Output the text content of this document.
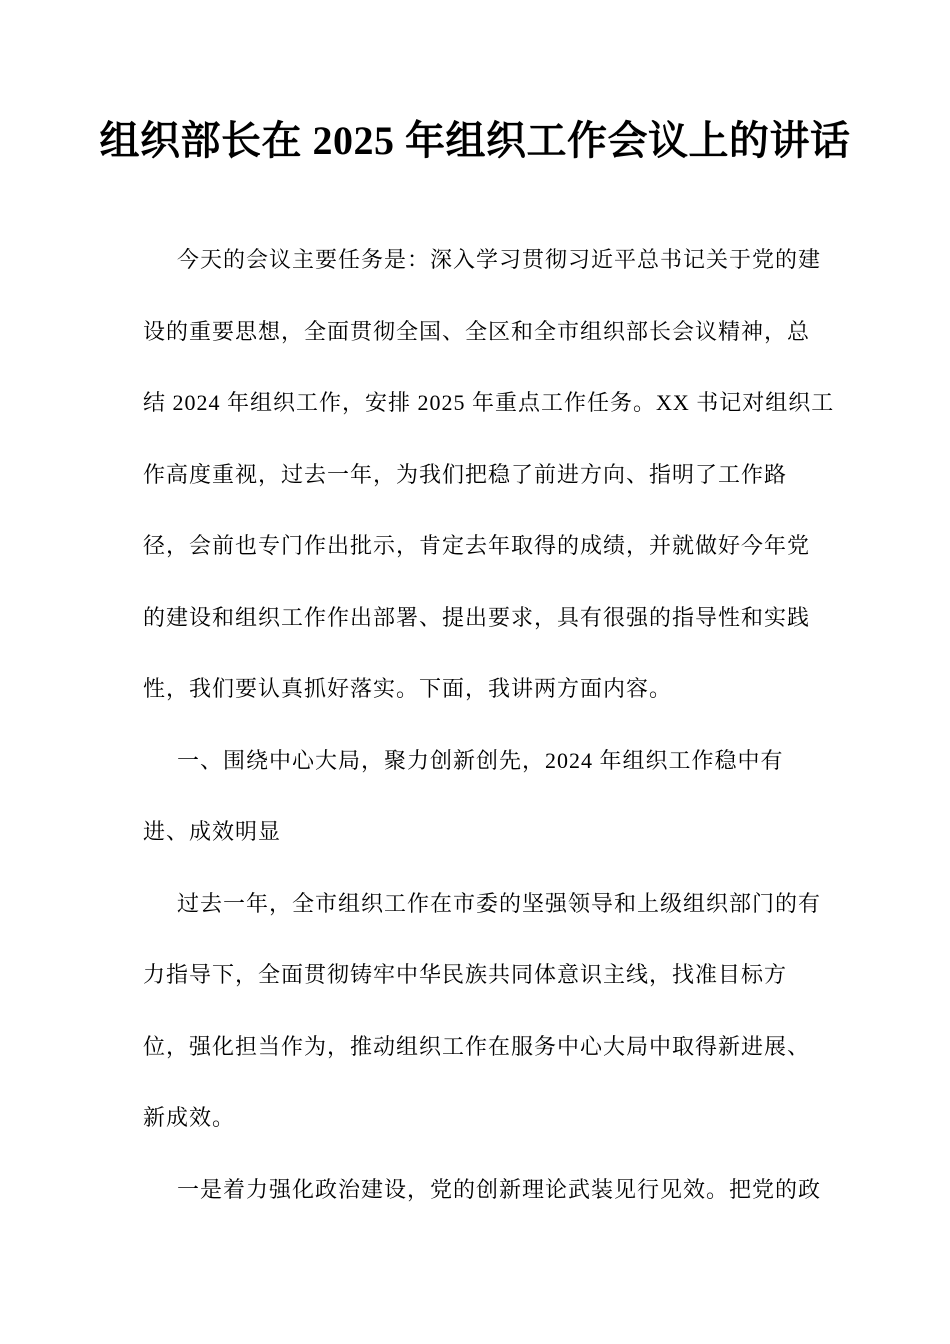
组织部长在 2025 年组织工作会议上的讲话
今天的会议主要任务是：深入学习贯彻习近平总书记关于党的建
设的重要思想，全面贯彻全国、全区和全市组织部长会议精神，总
结 2024 年组织工作，安排 2025 年重点工作任务。XX 书记对组织工
作高度重视，过去一年，为我们把稳了前进方向、指明了工作路
径，会前也专门作出批示，肯定去年取得的成绩，并就做好今年党
的建设和组织工作作出部署、提出要求，具有很强的指导性和实践
性，我们要认真抓好落实。下面，我讲两方面内容。
一、围绕中心大局，聚力创新创先，2024 年组织工作稳中有
进、成效明显
过去一年，全市组织工作在市委的坚强领导和上级组织部门的有
力指导下，全面贯彻铸牢中华民族共同体意识主线，找准目标方
位，强化担当作为，推动组织工作在服务中心大局中取得新进展、
新成效。
一是着力强化政治建设，党的创新理论武装见行见效。把党的政
